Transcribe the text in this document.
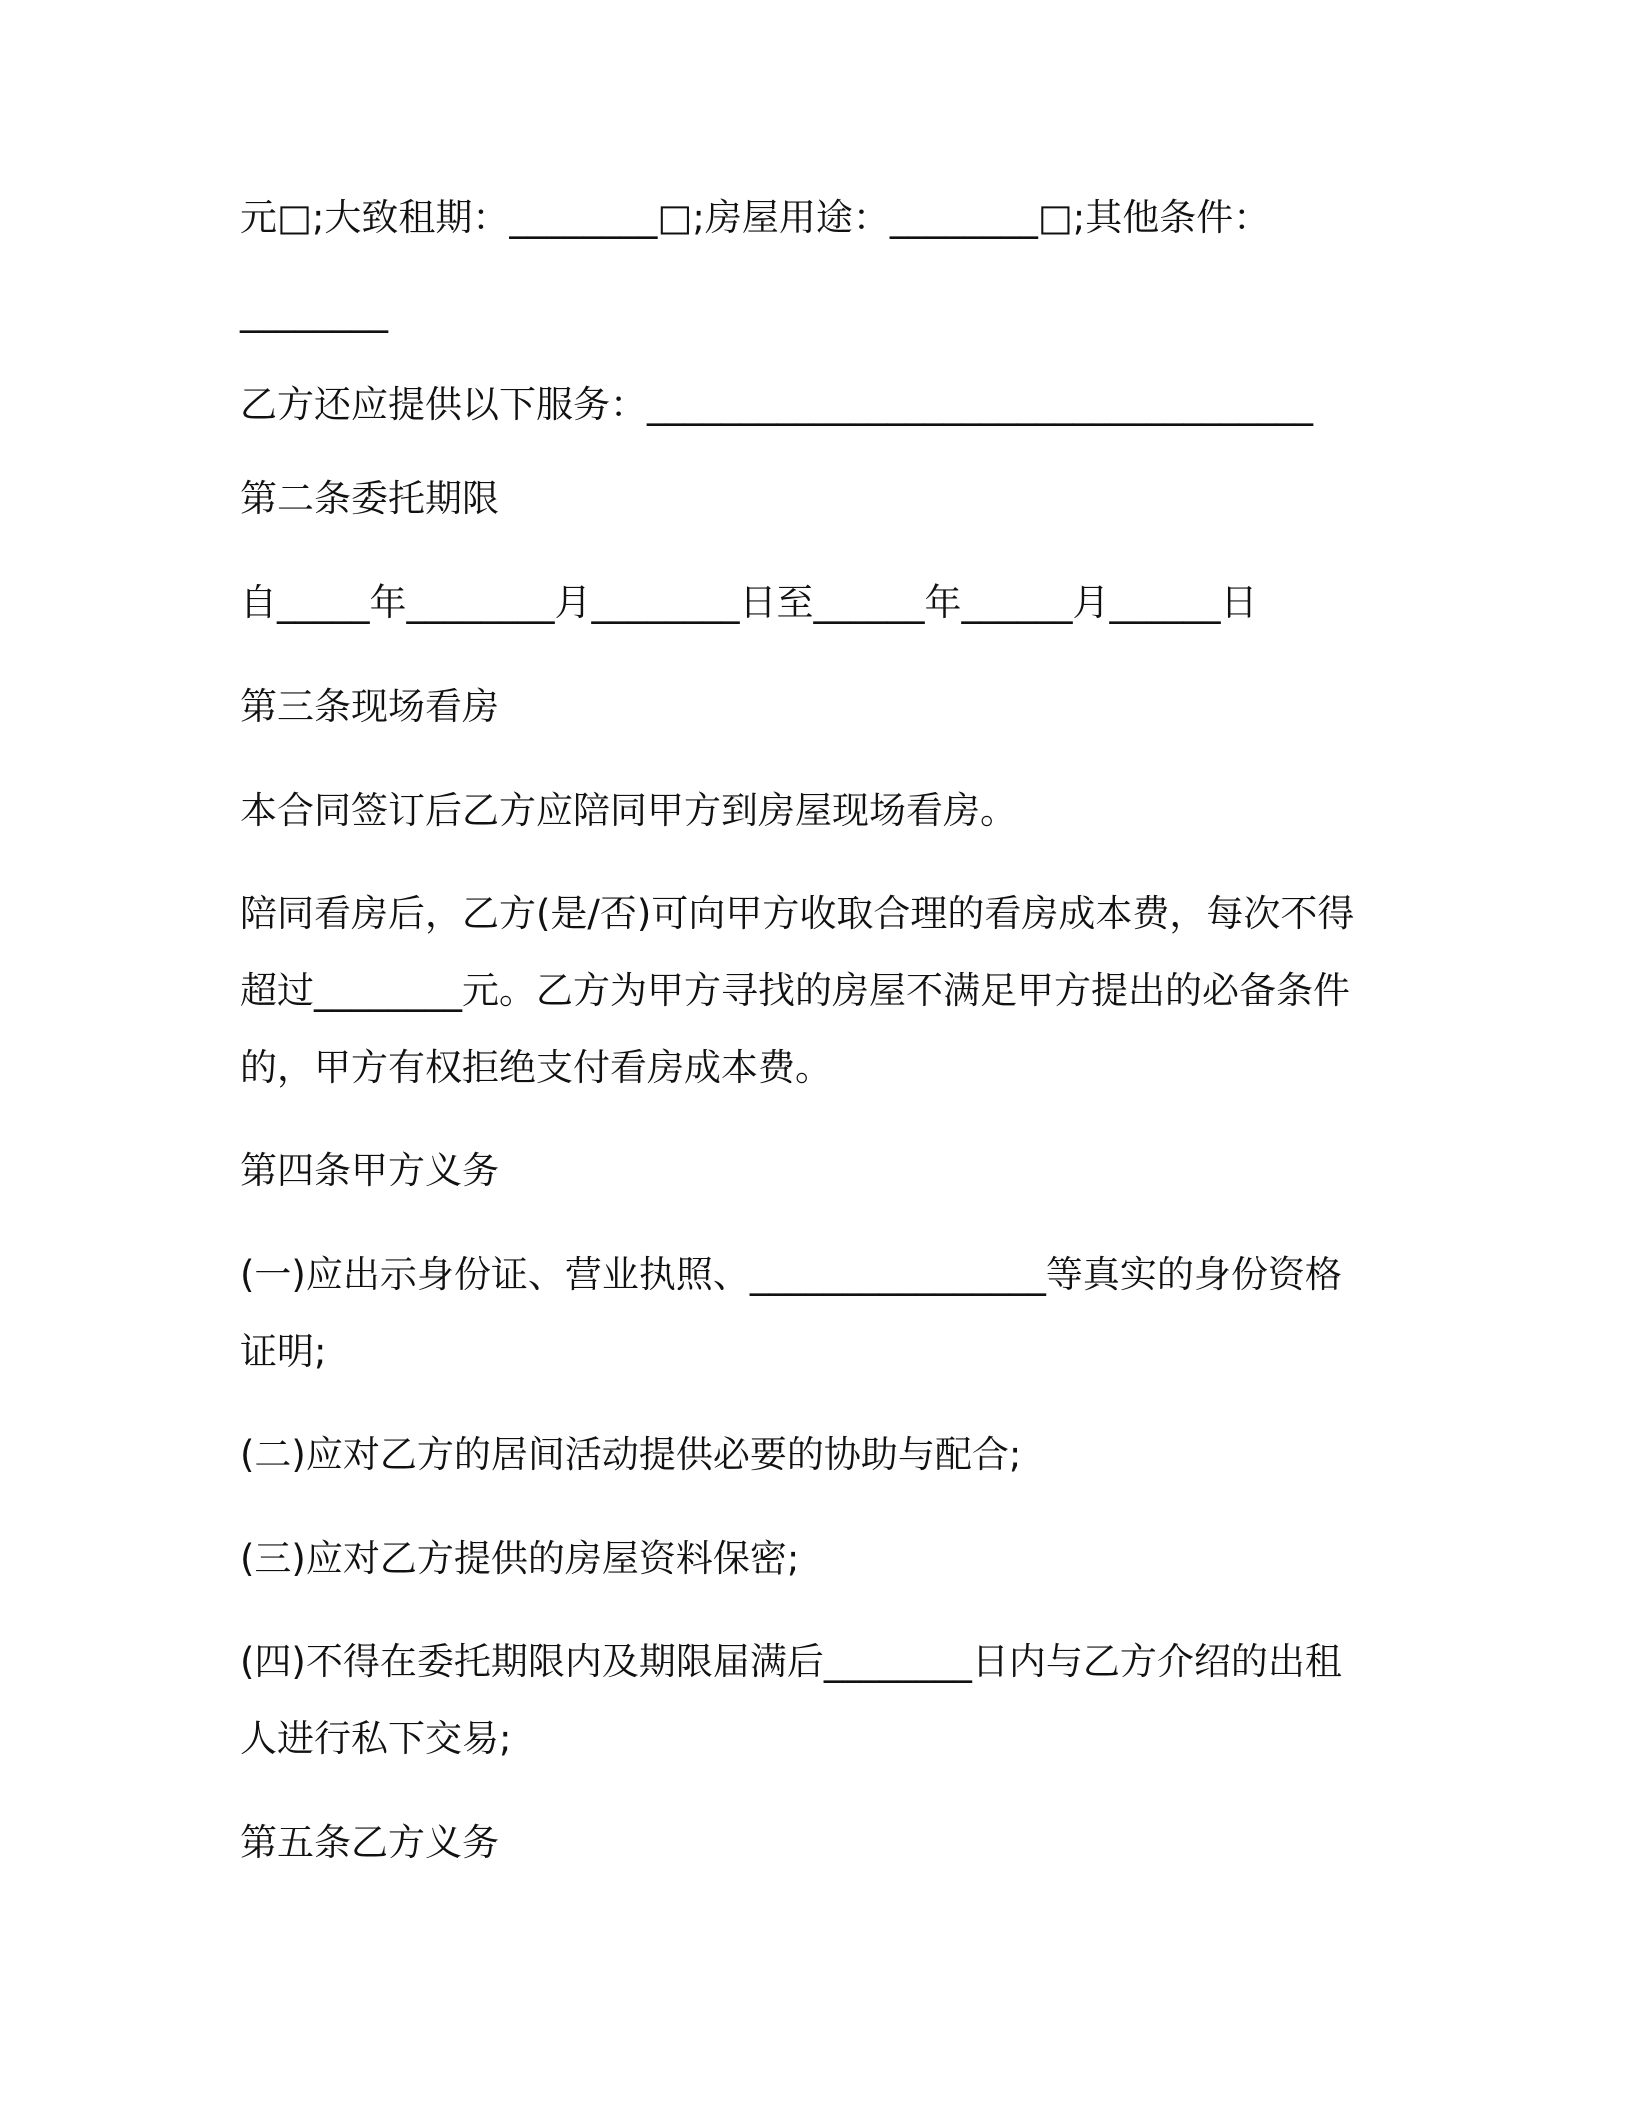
元□;大致租期：________□;房屋用途：________□;其他条件：
________
乙方还应提供以下服务：____________________________________
第二条委托期限
自_____年________月________日至______年______月______日
第三条现场看房
本合同签订后乙方应陪同甲方到房屋现场看房。
陪同看房后，乙方(是/否)可向甲方收取合理的看房成本费，每次不得
超过________元。乙方为甲方寻找的房屋不满足甲方提出的必备条件
的，甲方有权拒绝支付看房成本费。
第四条甲方义务
(一)应出示身份证、营业执照、________________等真实的身份资格
证明;
(二)应对乙方的居间活动提供必要的协助与配合;
(三)应对乙方提供的房屋资料保密;
(四)不得在委托期限内及期限届满后________日内与乙方介绍的出租
人进行私下交易;
第五条乙方义务
